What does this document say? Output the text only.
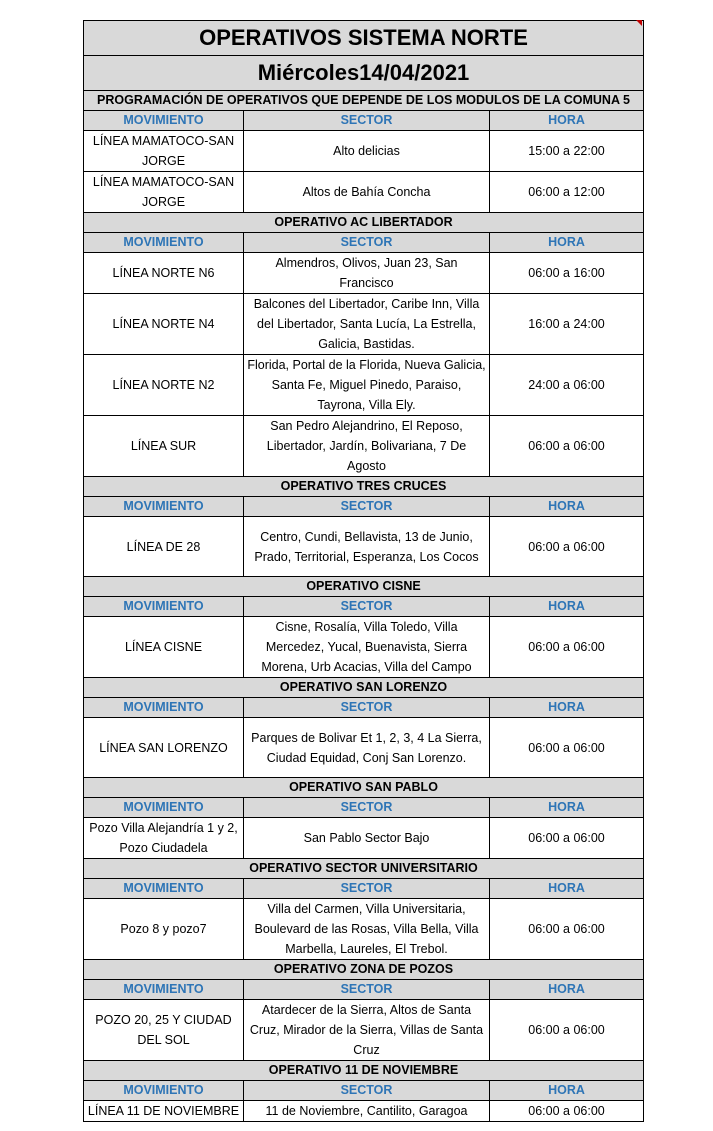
OPERATIVOS SISTEMA NORTE		
Miércoles14/04/2021		
PROGRAMACIÓN DE OPERATIVOS QUE DEPENDE DE LOS MODULOS DE LA COMUNA 5		
MOVIMIENTO	SECTOR	HORA
LÍNEA MAMATOCO-SAN JORGE	Alto delicias	15:00 a 22:00
LÍNEA MAMATOCO-SAN JORGE	Altos de Bahía Concha	06:00 a 12:00
OPERATIVO AC LIBERTADOR		
MOVIMIENTO	SECTOR	HORA
LÍNEA NORTE N6	Almendros, Olivos, Juan 23, San Francisco	06:00 a 16:00
LÍNEA NORTE N4	Balcones del Libertador, Caribe Inn, Villa del Libertador, Santa Lucía, La Estrella, Galicia, Bastidas.	16:00 a 24:00
LÍNEA NORTE N2	Florida, Portal de la Florida, Nueva Galicia, Santa Fe, Miguel Pinedo, Paraiso, Tayrona, Villa Ely.	24:00 a 06:00
LÍNEA SUR	San Pedro Alejandrino, El Reposo, Libertador, Jardín, Bolivariana, 7 De Agosto	06:00 a 06:00
OPERATIVO TRES CRUCES		
MOVIMIENTO	SECTOR	HORA
LÍNEA DE 28	Centro, Cundi, Bellavista, 13 de Junio, Prado, Territorial, Esperanza, Los Cocos	06:00 a 06:00
OPERATIVO CISNE		
MOVIMIENTO	SECTOR	HORA
LÍNEA CISNE	Cisne, Rosalía, Villa Toledo, Villa Mercedez, Yucal, Buenavista, Sierra Morena, Urb Acacias, Villa del Campo	06:00 a 06:00
OPERATIVO SAN LORENZO		
MOVIMIENTO	SECTOR	HORA
LÍNEA SAN LORENZO	Parques de Bolivar Et 1, 2, 3, 4 La Sierra, Ciudad Equidad, Conj San Lorenzo.	06:00 a 06:00
OPERATIVO SAN PABLO		
MOVIMIENTO	SECTOR	HORA
Pozo Villa Alejandría 1 y 2, Pozo Ciudadela	San Pablo Sector Bajo	06:00 a 06:00
OPERATIVO SECTOR UNIVERSITARIO		
MOVIMIENTO	SECTOR	HORA
Pozo 8 y pozo7	Villa del Carmen, Villa Universitaria, Boulevard de las Rosas, Villa Bella, Villa Marbella, Laureles, El Trebol.	06:00 a 06:00
OPERATIVO ZONA DE POZOS		
MOVIMIENTO	SECTOR	HORA
POZO 20, 25 Y CIUDAD DEL SOL	Atardecer de la Sierra, Altos de Santa Cruz, Mirador de la Sierra, Villas de Santa Cruz	06:00 a 06:00
OPERATIVO 11 DE NOVIEMBRE		
MOVIMIENTO	SECTOR	HORA
LÍNEA 11 DE NOVIEMBRE	11 de Noviembre, Cantilito, Garagoa	06:00 a 06:00
